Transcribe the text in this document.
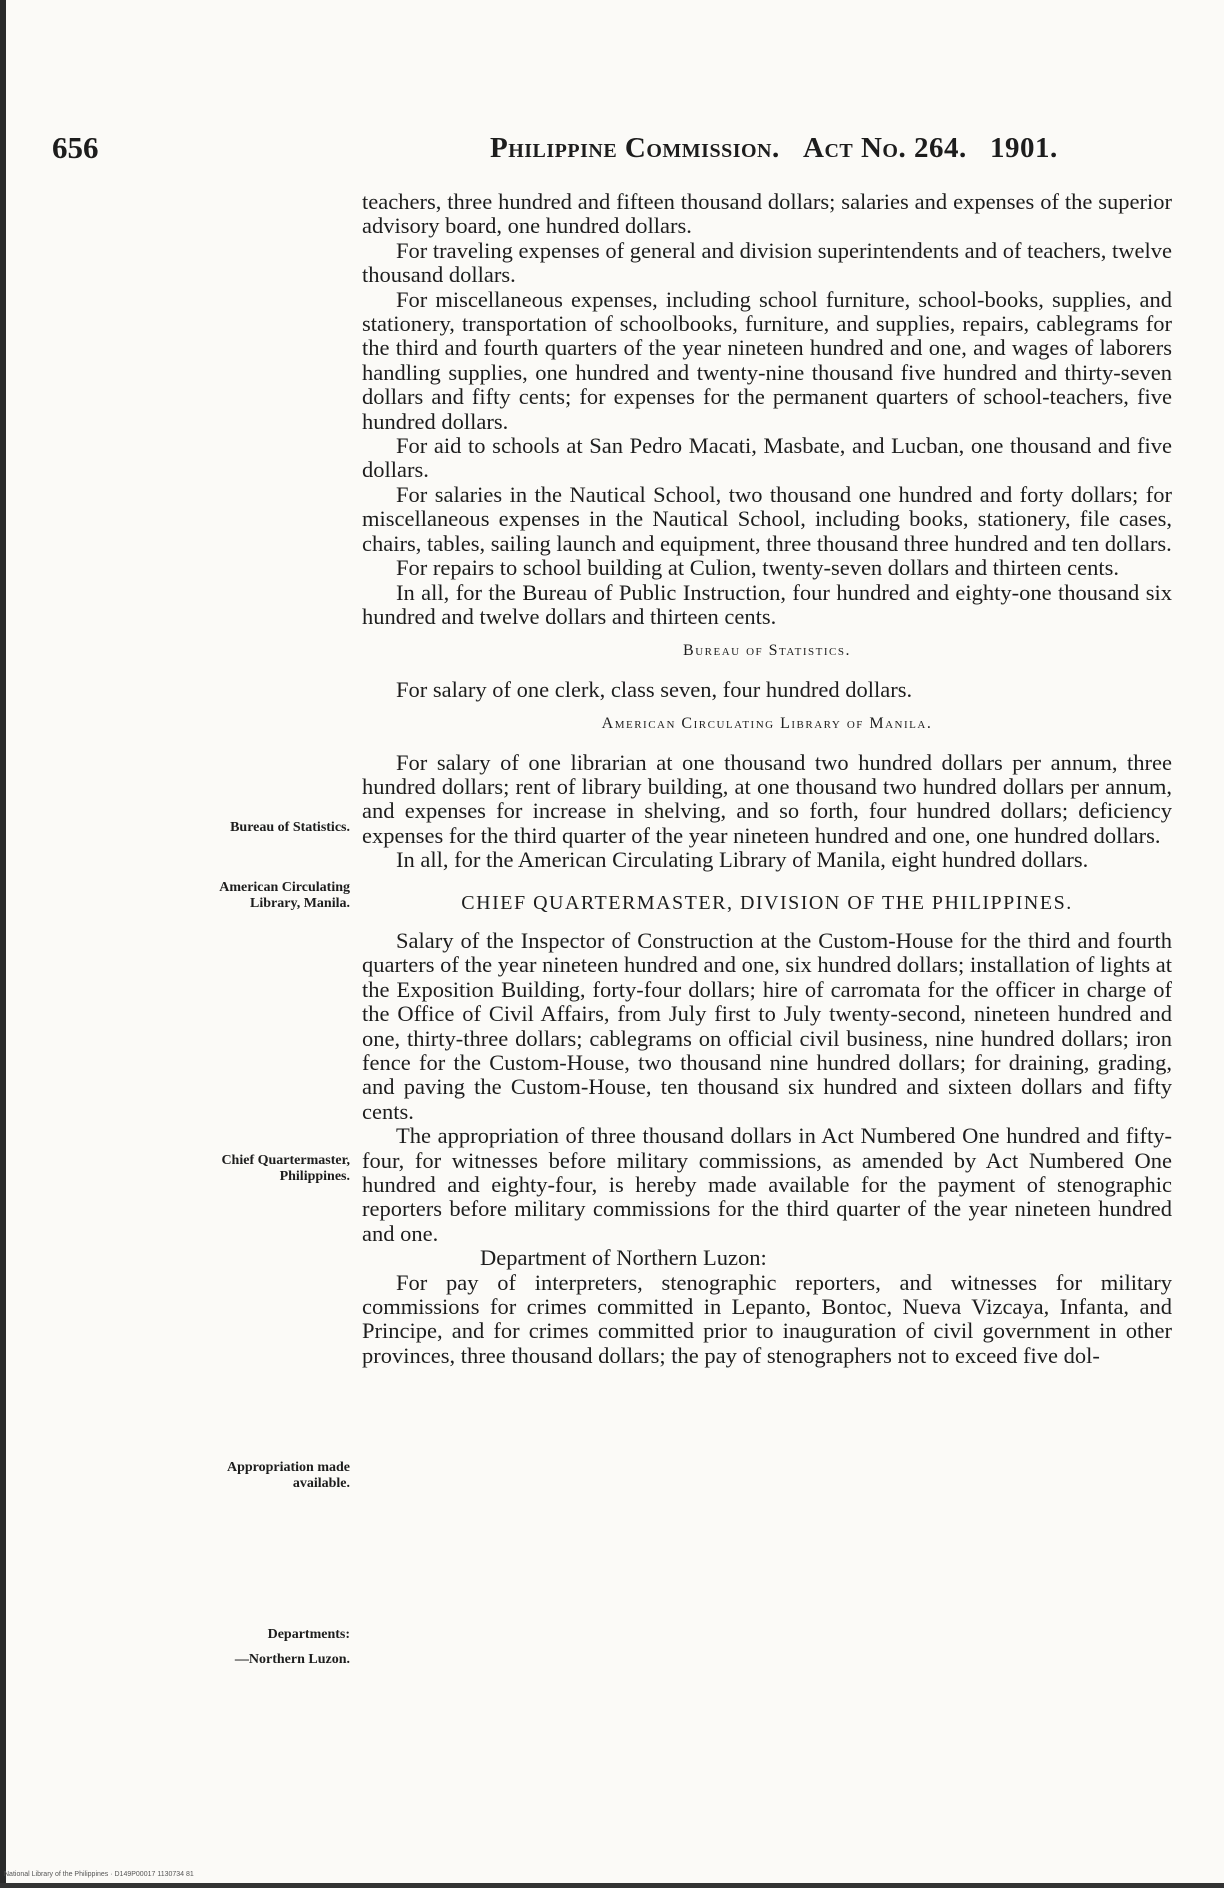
656	Philippine Commission. Act No. 264. 1901.
Bureau of Statistics.
American Circulating
Library, Manila.
Chief Quartermaster,
Philippines.
Appropriation made
available.
Departments:
—Northern Luzon.

teachers, three hundred and fifteen thousand dollars; salaries and expenses of the superior advisory board, one hundred dollars.

For traveling expenses of general and division superintendents and of teachers, twelve thousand dollars.

For miscellaneous expenses, including school furniture, school-books, supplies, and stationery, transportation of schoolbooks, furniture, and supplies, repairs, cablegrams for the third and fourth quarters of the year nineteen hundred and one, and wages of laborers handling supplies, one hundred and twenty-nine thousand five hundred and thirty-seven dollars and fifty cents; for expenses for the permanent quarters of school-teachers, five hundred dollars.

For aid to schools at San Pedro Macati, Masbate, and Lucban, one thousand and five dollars.

For salaries in the Nautical School, two thousand one hundred and forty dollars; for miscellaneous expenses in the Nautical School, including books, stationery, file cases, chairs, tables, sailing launch and equipment, three thousand three hundred and ten dollars.

For repairs to school building at Culion, twenty-seven dollars and thirteen cents.

In all, for the Bureau of Public Instruction, four hundred and eighty-one thousand six hundred and twelve dollars and thirteen cents.

Bureau of Statistics.

For salary of one clerk, class seven, four hundred dollars.

American Circulating Library of Manila.

For salary of one librarian at one thousand two hundred dollars per annum, three hundred dollars; rent of library building, at one thousand two hundred dollars per annum, and expenses for increase in shelving, and so forth, four hundred dollars; deficiency expenses for the third quarter of the year nineteen hundred and one, one hundred dollars.

In all, for the American Circulating Library of Manila, eight hundred dollars.

CHIEF QUARTERMASTER, DIVISION OF THE PHILIPPINES.

Salary of the Inspector of Construction at the Custom-House for the third and fourth quarters of the year nineteen hundred and one, six hundred dollars; installation of lights at the Exposition Building, forty-four dollars; hire of carromata for the officer in charge of the Office of Civil Affairs, from July first to July twenty-second, nineteen hundred and one, thirty-three dollars; cablegrams on official civil business, nine hundred dollars; iron fence for the Custom-House, two thousand nine hundred dollars; for draining, grading, and paving the Custom-House, ten thousand six hundred and sixteen dollars and fifty cents.

The appropriation of three thousand dollars in Act Numbered One hundred and fifty-four, for witnesses before military commissions, as amended by Act Numbered One hundred and eighty-four, is hereby made available for the payment of stenographic reporters before military commissions for the third quarter of the year nineteen hundred and one.

Department of Northern Luzon:

For pay of interpreters, stenographic reporters, and witnesses for military commissions for crimes committed in Lepanto, Bontoc, Nueva Vizcaya, Infanta, and Principe, and for crimes committed prior to inauguration of civil government in other provinces, three thousand dollars; the pay of stenographers not to exceed five dol-

National Library of the Philippines · D149P00017 1130734 81
